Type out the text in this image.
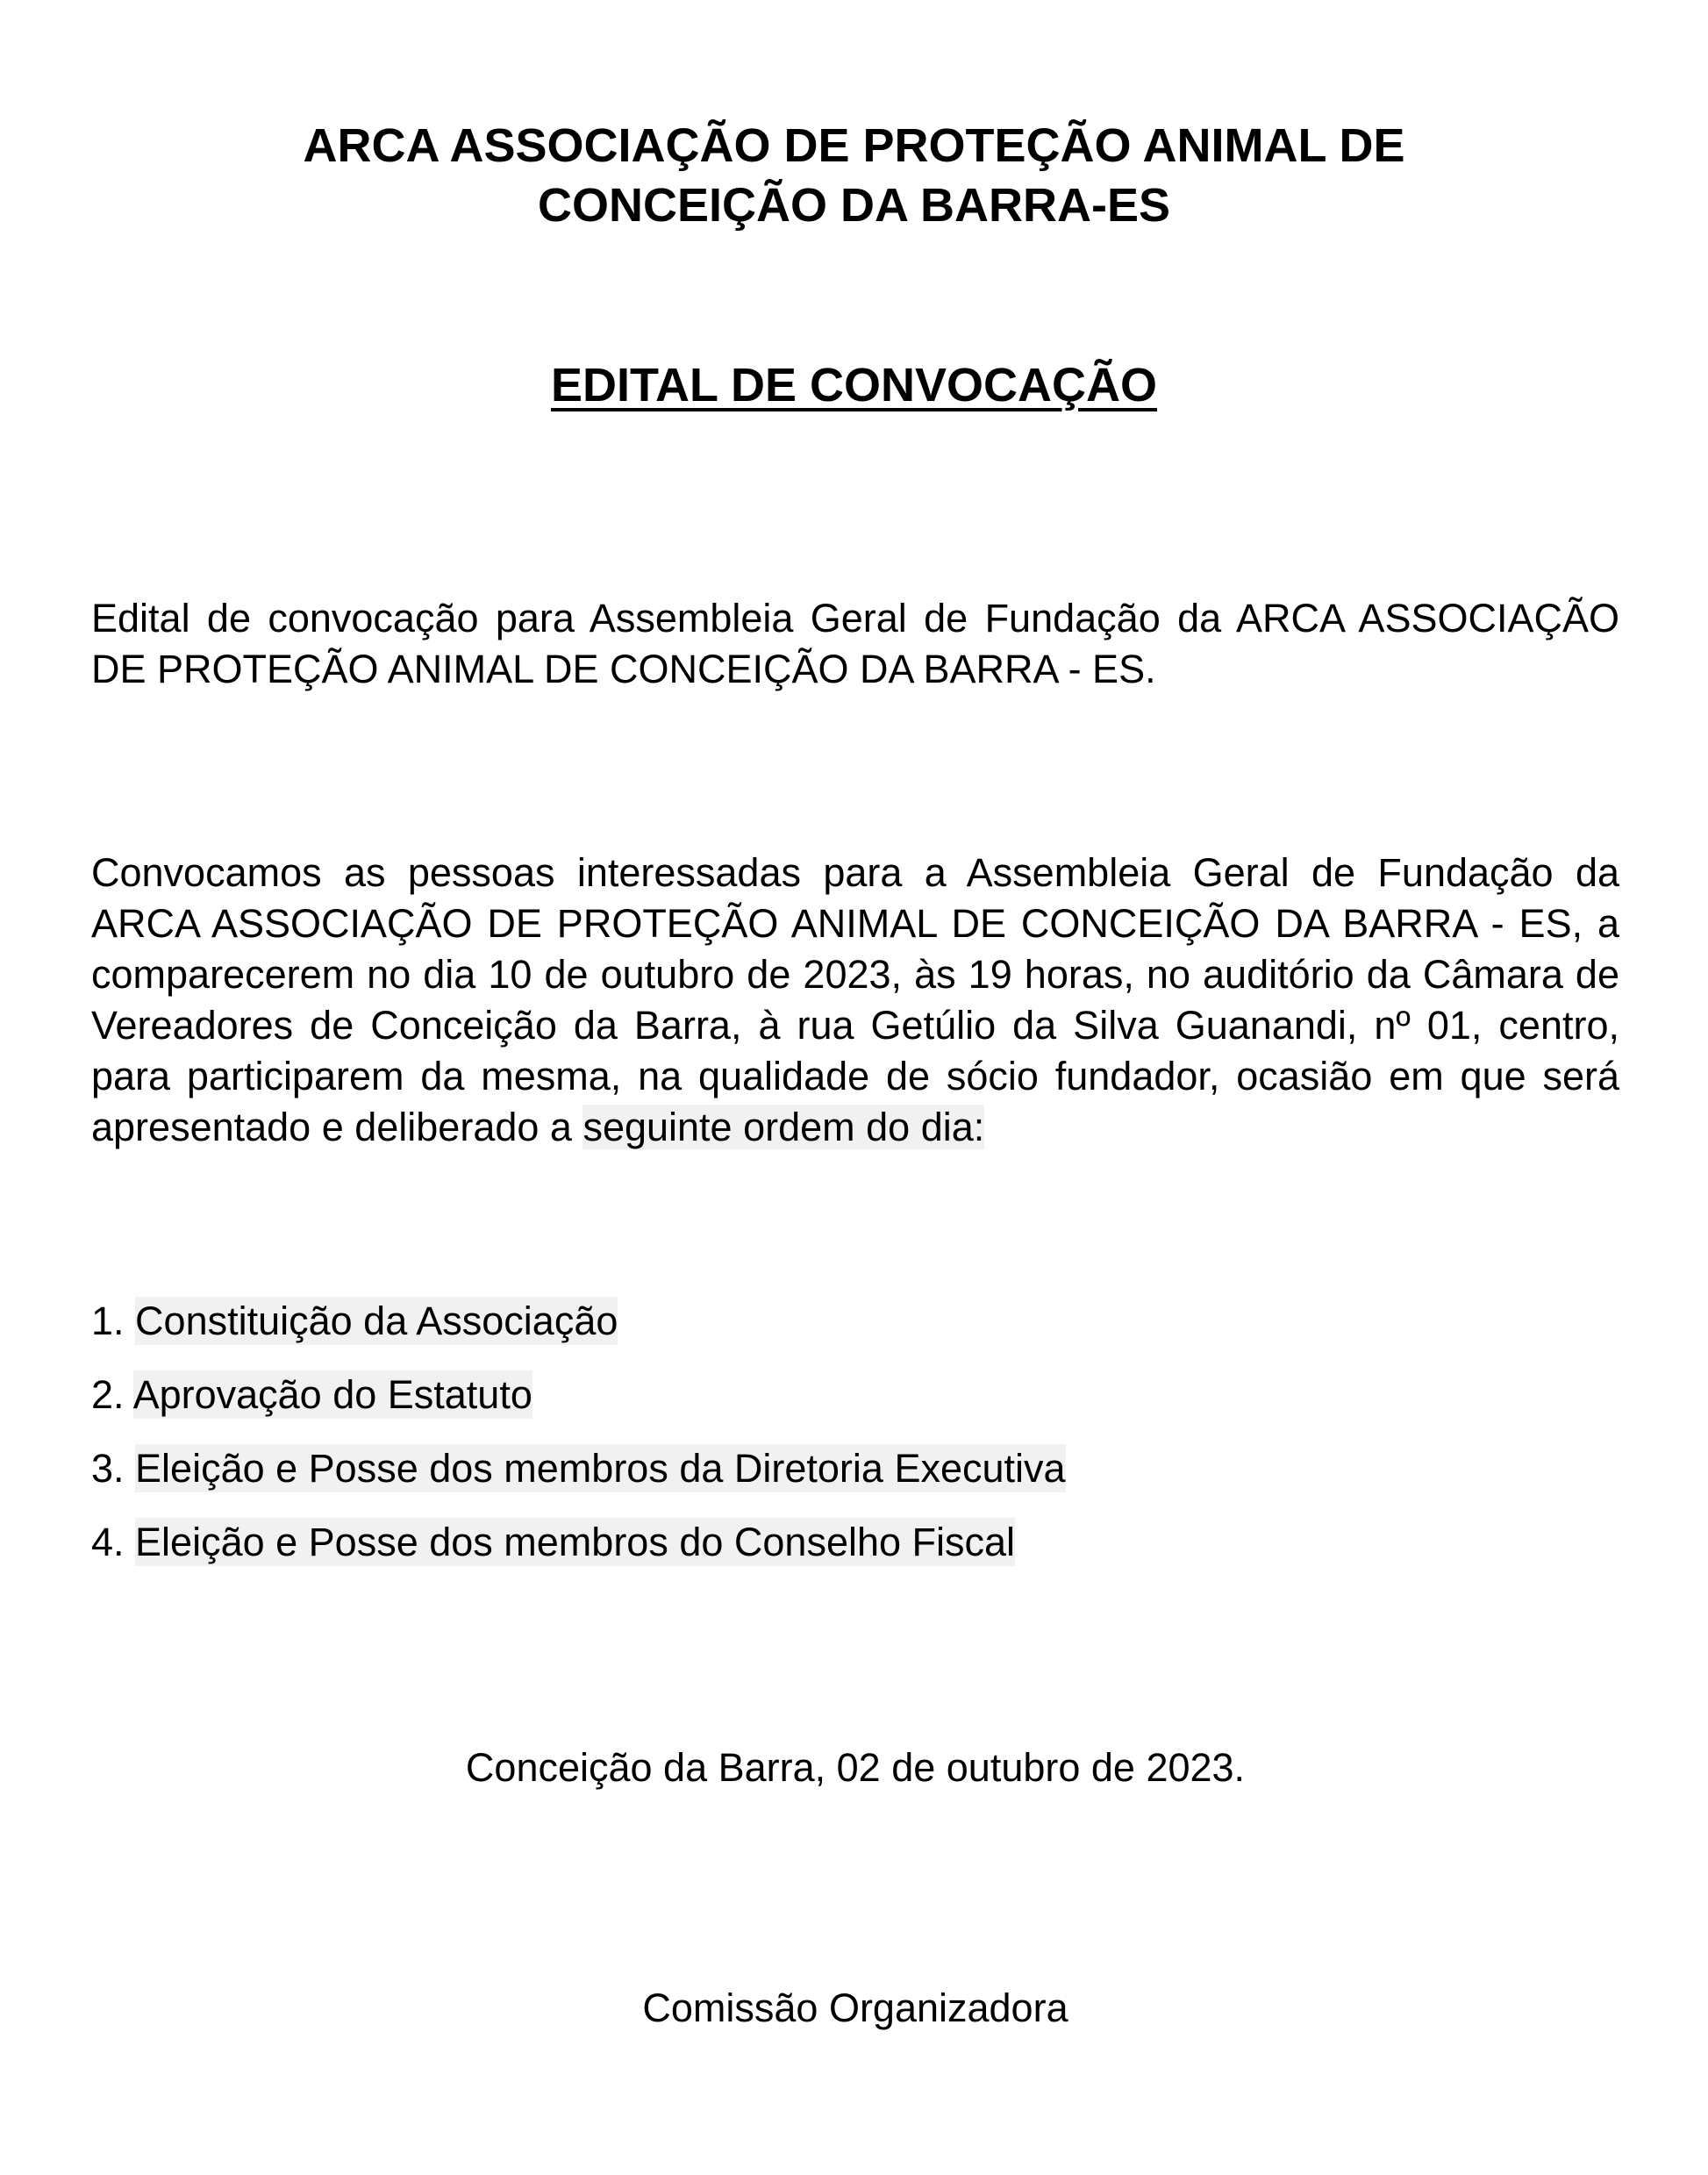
ARCA ASSOCIAÇÃO DE PROTEÇÃO ANIMAL DE
CONCEIÇÃO DA BARRA-ES
EDITAL DE CONVOCAÇÃO

Edital de convocação para Assembleia Geral de Fundação da ARCA ASSOCIAÇÃO DE PROTEÇÃO ANIMAL DE CONCEIÇÃO DA BARRA - ES.

Convocamos as pessoas interessadas para a Assembleia Geral de Fundação da ARCA ASSOCIAÇÃO DE PROTEÇÃO ANIMAL DE CONCEIÇÃO DA BARRA - ES, a comparecerem no dia 10 de outubro de 2023, às 19 horas, no auditório da Câmara de Vereadores de Conceição da Barra, à rua Getúlio da Silva Guanandi, nº 01, centro, para participarem da mesma, na qualidade de sócio fundador, ocasião em que será apresentado e deliberado a seguinte ordem do dia:

1. Constituição da Associação
2. Aprovação do Estatuto
3. Eleição e Posse dos membros da Diretoria Executiva
4. Eleição e Posse dos membros do Conselho Fiscal

Conceição da Barra, 02 de outubro de 2023.

Comissão Organizadora
